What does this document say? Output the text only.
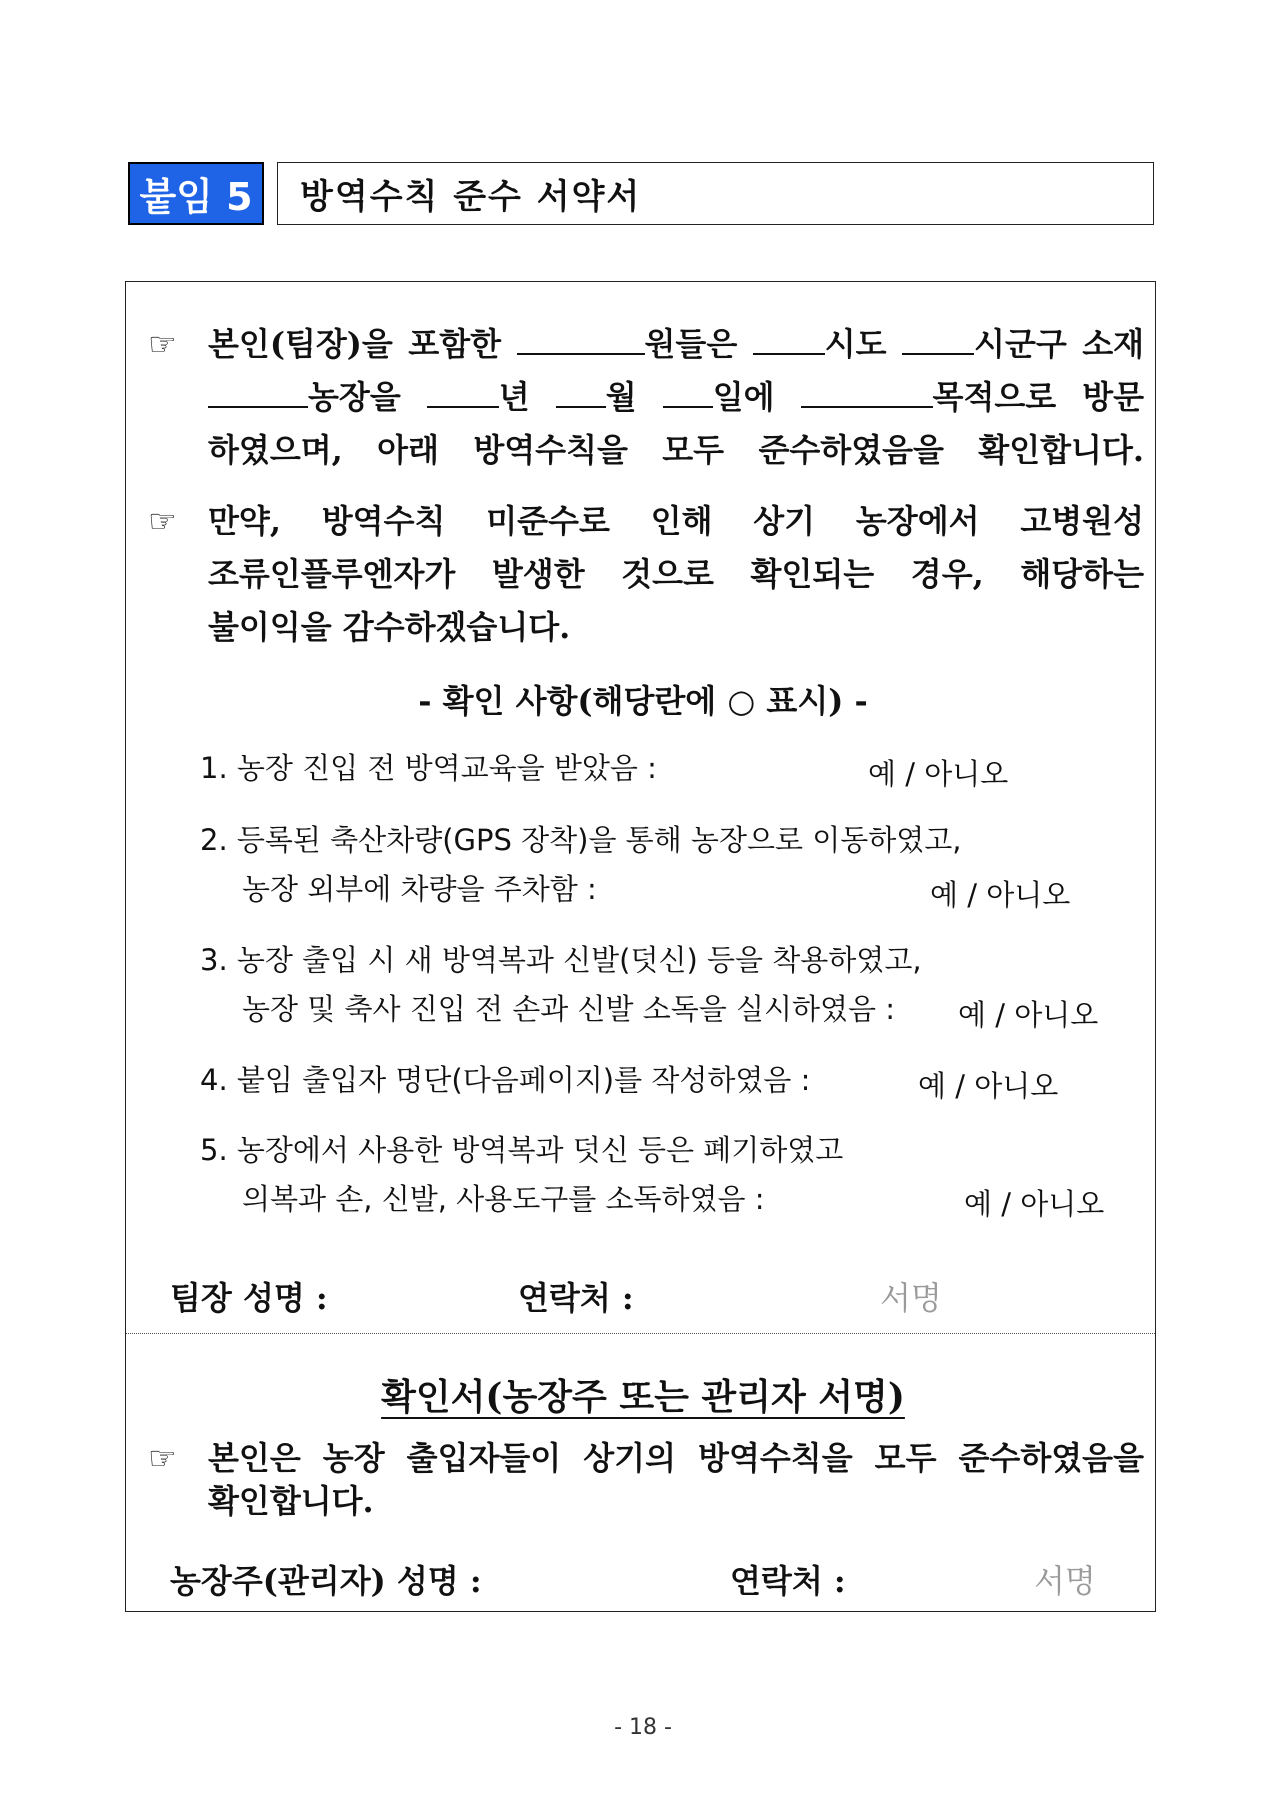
붙임 5	방역수칙 준수 서약서
☞ 본인(팀장)을 포함한	원들은	시도	시군구 소재
농장을	년 월 일에	목적으로 방문
하였으며, 아래 방역수칙을 모두 준수하였음을 확인합니다.
☞ 만약, 방역수칙 미준수로 인해 상기 농장에서 고병원성
조류인플루엔자가 발생한 것으로 확인되는 경우, 해당하는
불이익을 감수하겠습니다.
- 확인 사항(해당란에 ○ 표시) -
1. 농장 진입 전 방역교육을 받았음 :	예 / 아니오
2. 등록된 축산차량(GPS 장착)을 통해 농장으로 이동하였고,
농장 외부에 차량을 주차함 :	예 / 아니오
3. 농장 출입 시 새 방역복과 신발(덧신) 등을 착용하였고,
농장 및 축사 진입 전 손과 신발 소독을 실시하였음 :	예 / 아니오
4. 붙임 출입자 명단(다음페이지)를 작성하였음 :	예 / 아니오
5. 농장에서 사용한 방역복과 덧신 등은 폐기하였고
의복과 손, 신발, 사용도구를 소독하였음 :	예 / 아니오
팀장 성명 :	연락처 :	서명
확인서(농장주 또는 관리자 서명)
☞ 본인은 농장 출입자들이 상기의 방역수칙을 모두 준수하였음을
확인합니다.
농장주(관리자) 성명 :	연락처 :	서명
- 18 -
